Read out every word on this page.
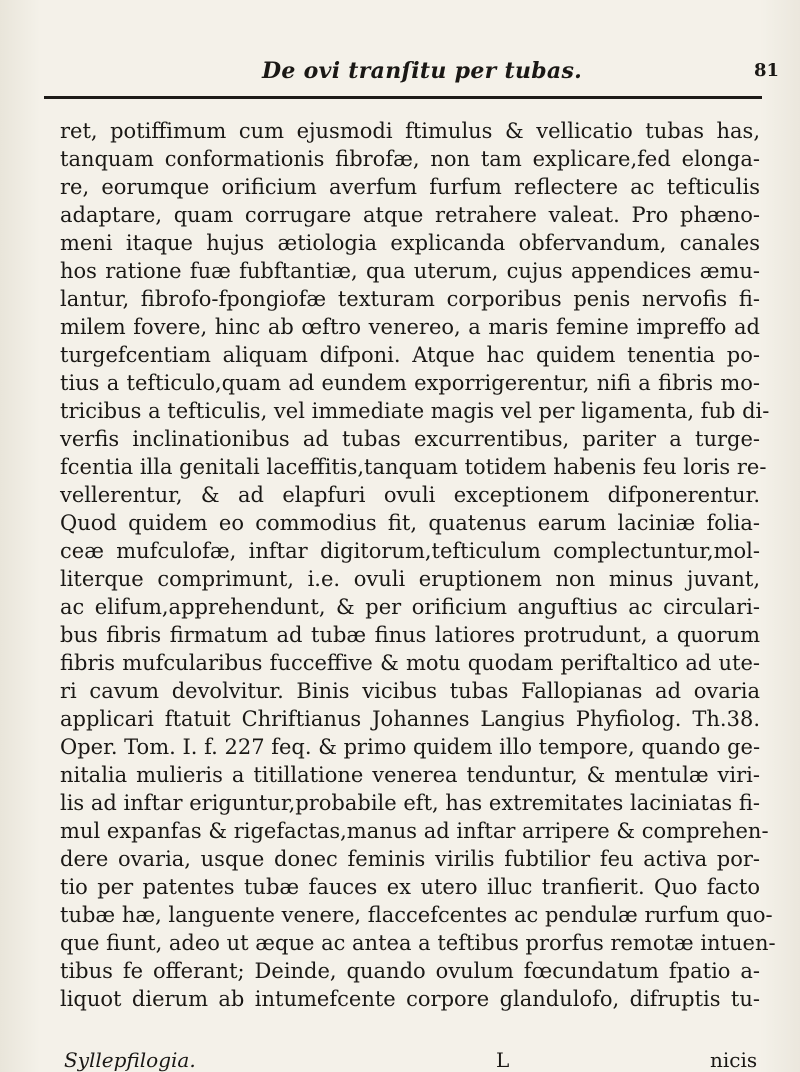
De ovi tranſitu per tubas.	81
ret, potiffimum cum ejusmodi ftimulus & vellicatio tubas has,
tanquam conformationis fibrofæ, non tam explicare,fed elonga-
re, eorumque orificium averfum furfum reflectere ac tefticulis
adaptare, quam corrugare atque retrahere valeat. Pro phæno-
meni itaque hujus ætiologia explicanda obfervandum, canales
hos ratione fuæ fubftantiæ, qua uterum, cujus appendices æmu-
lantur, fibrofo-fpongiofæ texturam corporibus penis nervofis fi-
milem fovere, hinc ab œftro venereo, a maris femine impreffo ad
turgefcentiam aliquam difponi. Atque hac quidem tenentia po-
tius a tefticulo,quam ad eundem exporrigerentur, nifi a fibris mo-
tricibus a tefticulis, vel immediate magis vel per ligamenta, fub di-
verfis inclinationibus ad tubas excurrentibus, pariter a turge-
fcentia illa genitali laceffitis,tanquam totidem habenis feu loris re-
vellerentur, & ad elapfuri ovuli exceptionem difponerentur.
Quod quidem eo commodius fit, quatenus earum laciniæ folia-
ceæ mufculofæ, inftar digitorum,tefticulum complectuntur,mol-
literque comprimunt, i.e. ovuli eruptionem non minus juvant,
ac elifum,apprehendunt, & per orificium anguftius ac circulari-
bus fibris firmatum ad tubæ finus latiores protrudunt, a quorum
fibris mufcularibus fucceffive & motu quodam periftaltico ad ute-
ri cavum devolvitur. Binis vicibus tubas Fallopianas ad ovaria
applicari ftatuit Chriftianus Johannes Langius Phyfiolog. Th.38.
Oper. Tom. I. f. 227 feq. & primo quidem illo tempore, quando ge-
nitalia mulieris a titillatione venerea tenduntur, & mentulæ viri-
lis ad inftar eriguntur,probabile eft, has extremitates laciniatas fi-
mul expanfas & rigefactas,manus ad inftar arripere & comprehen-
dere ovaria, usque donec feminis virilis fubtilior feu activa por-
tio per patentes tubæ fauces ex utero illuc tranfierit. Quo facto
tubæ hæ, languente venere, flaccefcentes ac pendulæ rurfum quo-
que fiunt, adeo ut æque ac antea a teftibus prorfus remotæ intuen-
tibus fe offerant; Deinde, quando ovulum fœcundatum fpatio a-
liquot dierum ab intumefcente corpore glandulofo, difruptis tu-
Syllepfilogia.	L	nicis
